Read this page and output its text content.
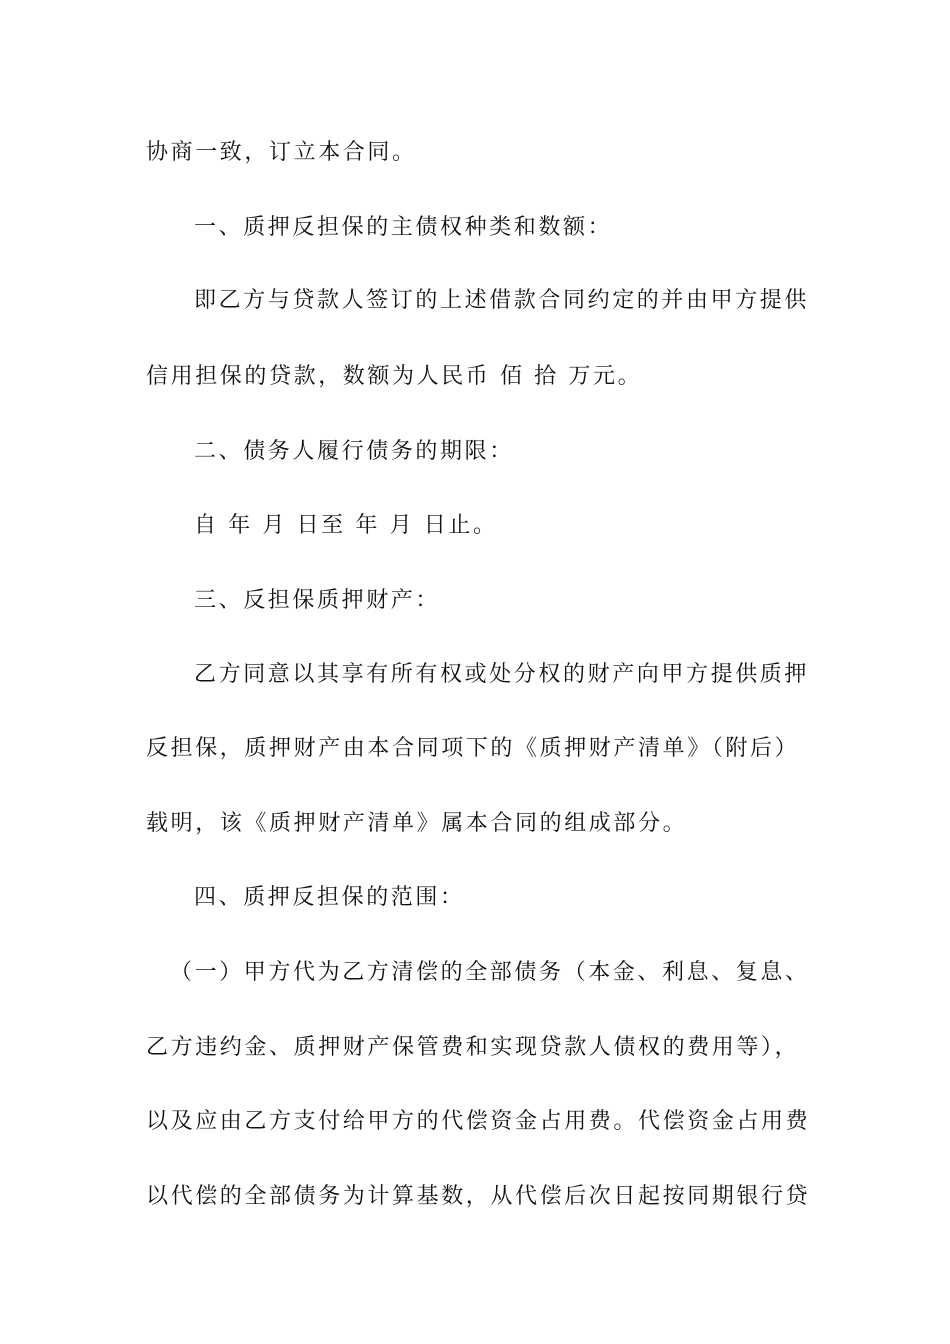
协商一致，订立本合同。
一、质押反担保的主债权种类和数额：
即乙方与贷款人签订的上述借款合同约定的并由甲方提供
信用担保的贷款，数额为人民币 佰 拾 万元。
二、债务人履行债务的期限：
自 年 月 日至 年 月 日止。
三、反担保质押财产：
乙方同意以其享有所有权或处分权的财产向甲方提供质押
反担保，质押财产由本合同项下的《质押财产清单》（附后）
载明，该《质押财产清单》属本合同的组成部分。
四、质押反担保的范围：
（一）甲方代为乙方清偿的全部债务（本金、利息、复息、
乙方违约金、质押财产保管费和实现贷款人债权的费用等），
以及应由乙方支付给甲方的代偿资金占用费。代偿资金占用费
以代偿的全部债务为计算基数，从代偿后次日起按同期银行贷
